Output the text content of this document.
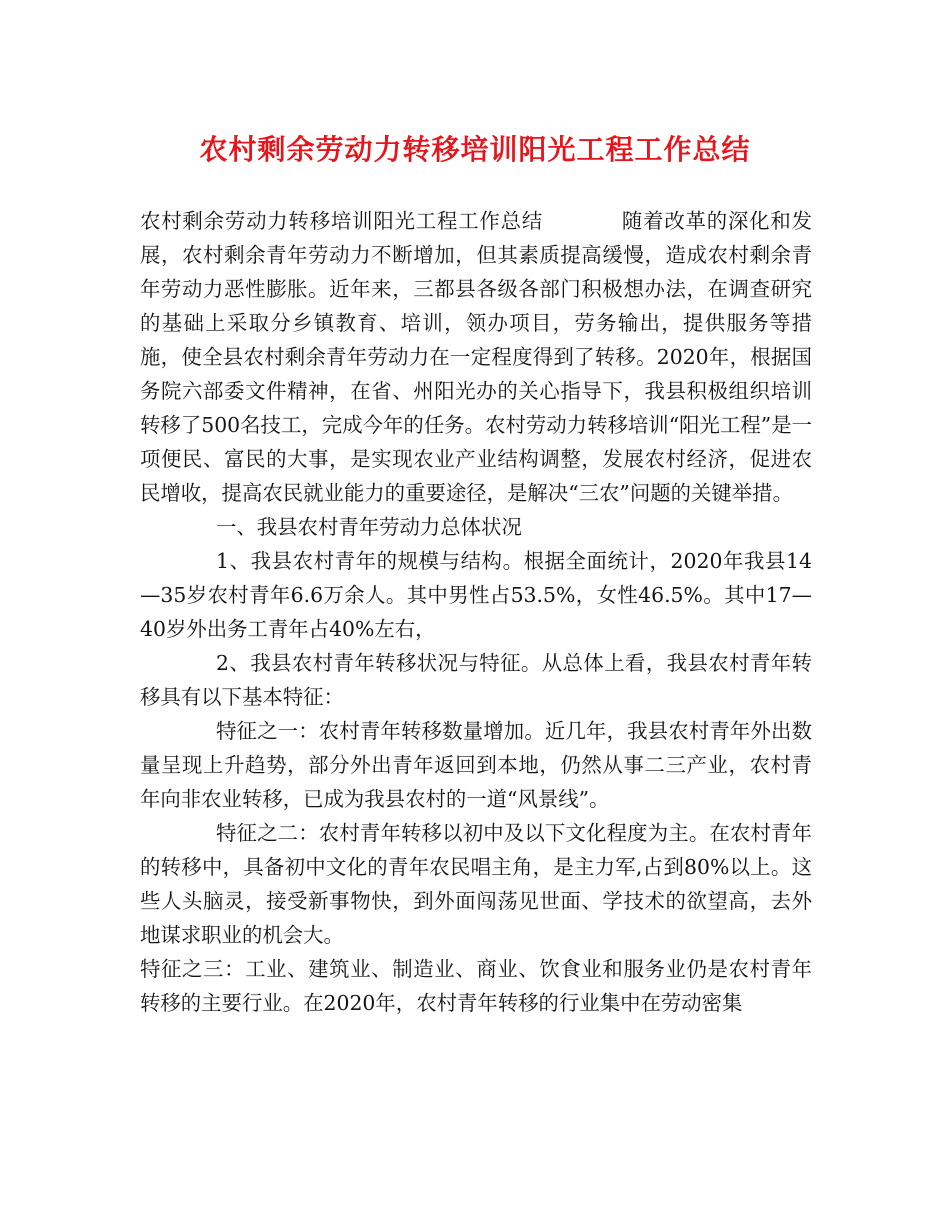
农村剩余劳动力转移培训阳光工程工作总结

农村剩余劳动力转移培训阳光工程工作总结	随着改革的深化和发展，农村剩余青年劳动力不断增加，但其素质提高缓慢，造成农村剩余青年劳动力恶性膨胀。近年来，三都县各级各部门积极想办法，在调查研究的基础上采取分乡镇教育、培训，领办项目，劳务输出，提供服务等措施，使全县农村剩余青年劳动力在一定程度得到了转移。2020年，根据国务院六部委文件精神，在省、州阳光办的关心指导下，我县积极组织培训转移了500名技工，完成今年的任务。农村劳动力转移培训“阳光工程”是一项便民、富民的大事，是实现农业产业结构调整，发展农村经济，促进农民增收，提高农民就业能力的重要途径，是解决“三农”问题的关键举措。

一、我县农村青年劳动力总体状况

1、我县农村青年的规模与结构。根据全面统计，2020年我县14—35岁农村青年6.6万余人。其中男性占53.5%，女性46.5%。其中17—40岁外出务工青年占40%左右，

2、我县农村青年转移状况与特征。从总体上看，我县农村青年转移具有以下基本特征：

特征之一：农村青年转移数量增加。近几年，我县农村青年外出数量呈现上升趋势，部分外出青年返回到本地，仍然从事二三产业，农村青年向非农业转移，已成为我县农村的一道“风景线”。

特征之二：农村青年转移以初中及以下文化程度为主。在农村青年的转移中，具备初中文化的青年农民唱主角，是主力军,占到80%以上。这些人头脑灵，接受新事物快，到外面闯荡见世面、学技术的欲望高，去外地谋求职业的机会大。

特征之三：工业、建筑业、制造业、商业、饮食业和服务业仍是农村青年转移的主要行业。在2020年，农村青年转移的行业集中在劳动密集
